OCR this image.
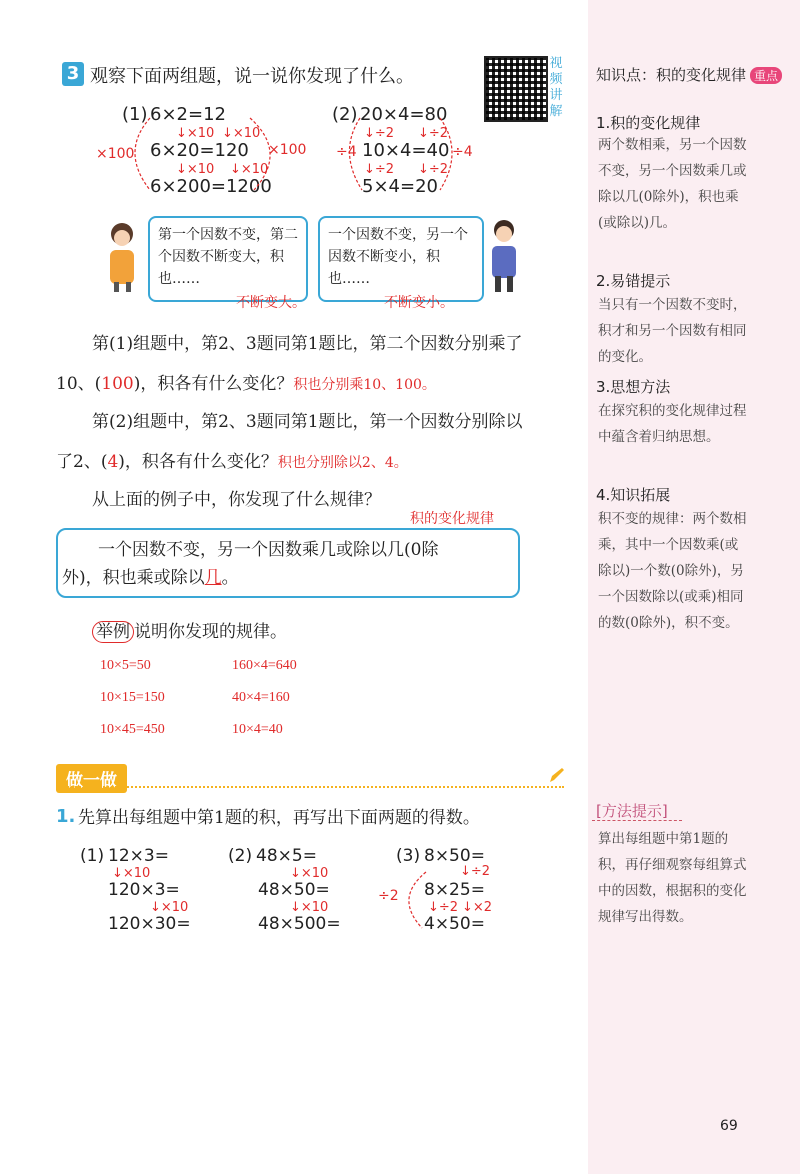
3 观察下面两组题，说一说你发现了什么。
视频讲解
(1) 6×2=12
↓×10 ↓×10
6×20=120
↓×10 ↓×10
6×200=1200
×100	×100
(2) 20×4=80
↓÷2 ↓÷2
10×4=40
↓÷2 ↓÷2
5×4=20
÷4	÷4
第一个因数不变，第二个因数不断变大，积也……
不断变大。
一个因数不变，另一个因数不断变小，积也……
不断变小。
第(1)组题中，第2、3题同第1题比，第二个因数分别乘了
10、(100)，积各有什么变化？积也分别乘10、100。
第(2)组题中，第2、3题同第1题比，第一个因数分别除以
了2、(4)，积各有什么变化？积也分别除以2、4。
从上面的例子中，你发现了什么规律？
积的变化规律
一个因数不变，另一个因数乘几或除以几(0除
外)，积也乘或除以几。
举例 说明你发现的规律。
10×5=50
10×15=150
10×45=450
160×4=640
40×4=160
10×4=40
做一做
1. 先算出每组题中第1题的积，再写出下面两题的得数。
(1) 12×3=
↓×10
120×3=
↓×10
120×30=
(2) 48×5=
↓×10
48×50=
↓×10
48×500=
(3) 8×50=
↓÷2
8×25=
↓÷2 ↓×2
4×50=
÷2
知识点：积的变化规律 重点
1.积的变化规律
两个数相乘，另一个因数不变，另一个因数乘几或除以几(0除外)，积也乘(或除以)几。
2.易错提示
当只有一个因数不变时，积才和另一个因数有相同的变化。
3.思想方法
在探究积的变化规律过程中蕴含着归纳思想。
4.知识拓展
积不变的规律：两个数相乘，其中一个因数乘(或除以)一个数(0除外)，另一个因数除以(或乘)相同的数(0除外)，积不变。
[方法提示]
算出每组题中第1题的积，再仔细观察每组算式中的因数，根据积的变化规律写出得数。
69
